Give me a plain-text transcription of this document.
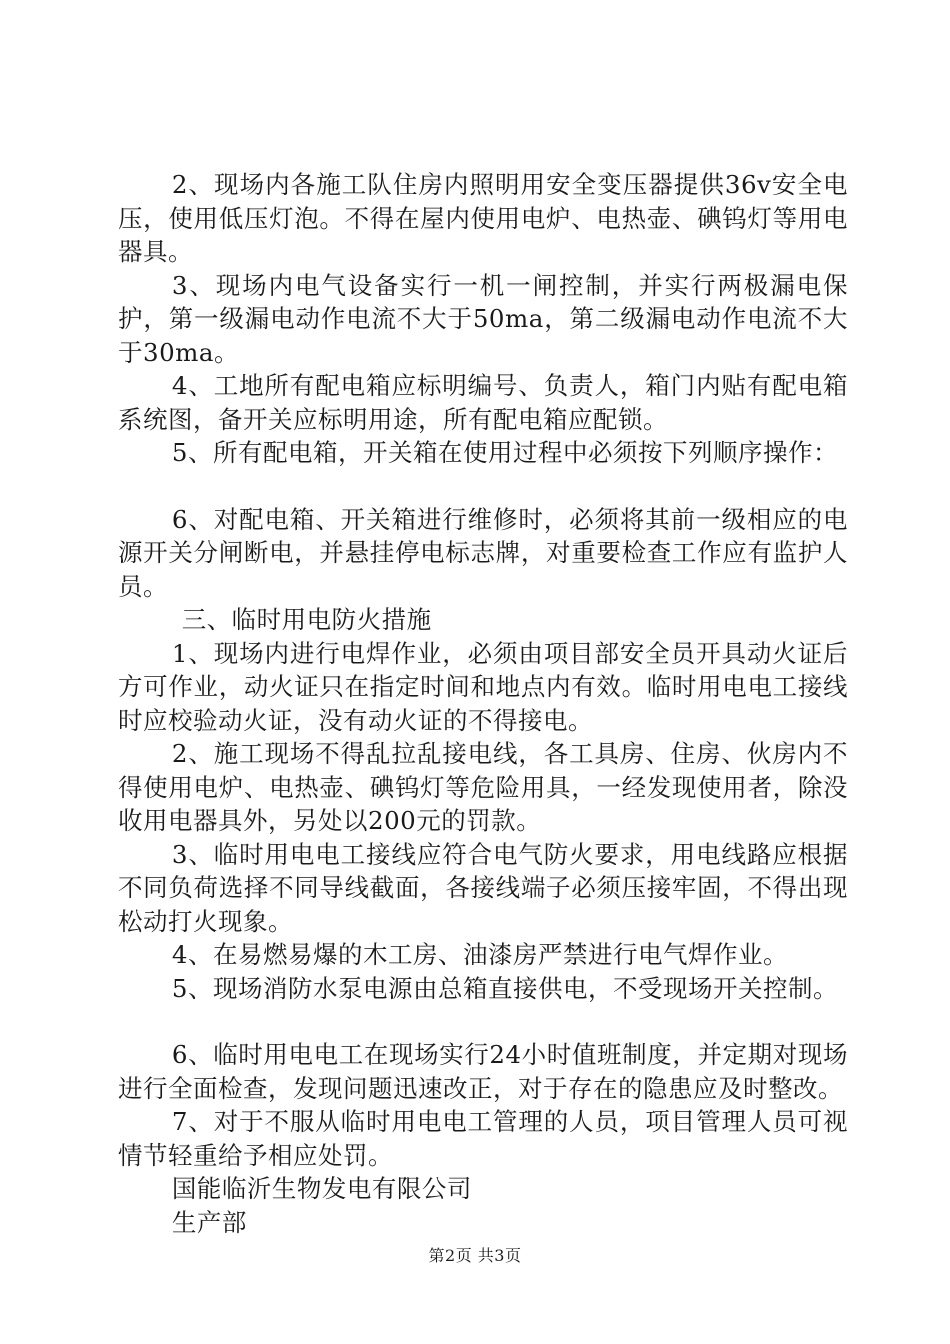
2、现场内各施工队住房内照明用安全变压器提供36v安全电压，使用低压灯泡。不得在屋内使用电炉、电热壶、碘钨灯等用电器具。

3、现场内电气设备实行一机一闸控制，并实行两极漏电保护，第一级漏电动作电流不大于50ma，第二级漏电动作电流不大于30ma。

4、工地所有配电箱应标明编号、负责人，箱门内贴有配电箱系统图，备开关应标明用途，所有配电箱应配锁。

5、所有配电箱，开关箱在使用过程中必须按下列顺序操作：

6、对配电箱、开关箱进行维修时，必须将其前一级相应的电源开关分闸断电，并悬挂停电标志牌，对重要检查工作应有监护人员。

三、临时用电防火措施

1、现场内进行电焊作业，必须由项目部安全员开具动火证后方可作业，动火证只在指定时间和地点内有效。临时用电电工接线时应校验动火证，没有动火证的不得接电。

2、施工现场不得乱拉乱接电线，各工具房、住房、伙房内不得使用电炉、电热壶、碘钨灯等危险用具，一经发现使用者，除没收用电器具外，另处以200元的罚款。

3、临时用电电工接线应符合电气防火要求，用电线路应根据不同负荷选择不同导线截面，各接线端子必须压接牢固，不得出现松动打火现象。

4、在易燃易爆的木工房、油漆房严禁进行电气焊作业。

5、现场消防水泵电源由总箱直接供电，不受现场开关控制。

6、临时用电电工在现场实行24小时值班制度，并定期对现场进行全面检查，发现问题迅速改正，对于存在的隐患应及时整改。

7、对于不服从临时用电电工管理的人员，项目管理人员可视情节轻重给予相应处罚。

国能临沂生物发电有限公司

生产部

第2页 共3页
